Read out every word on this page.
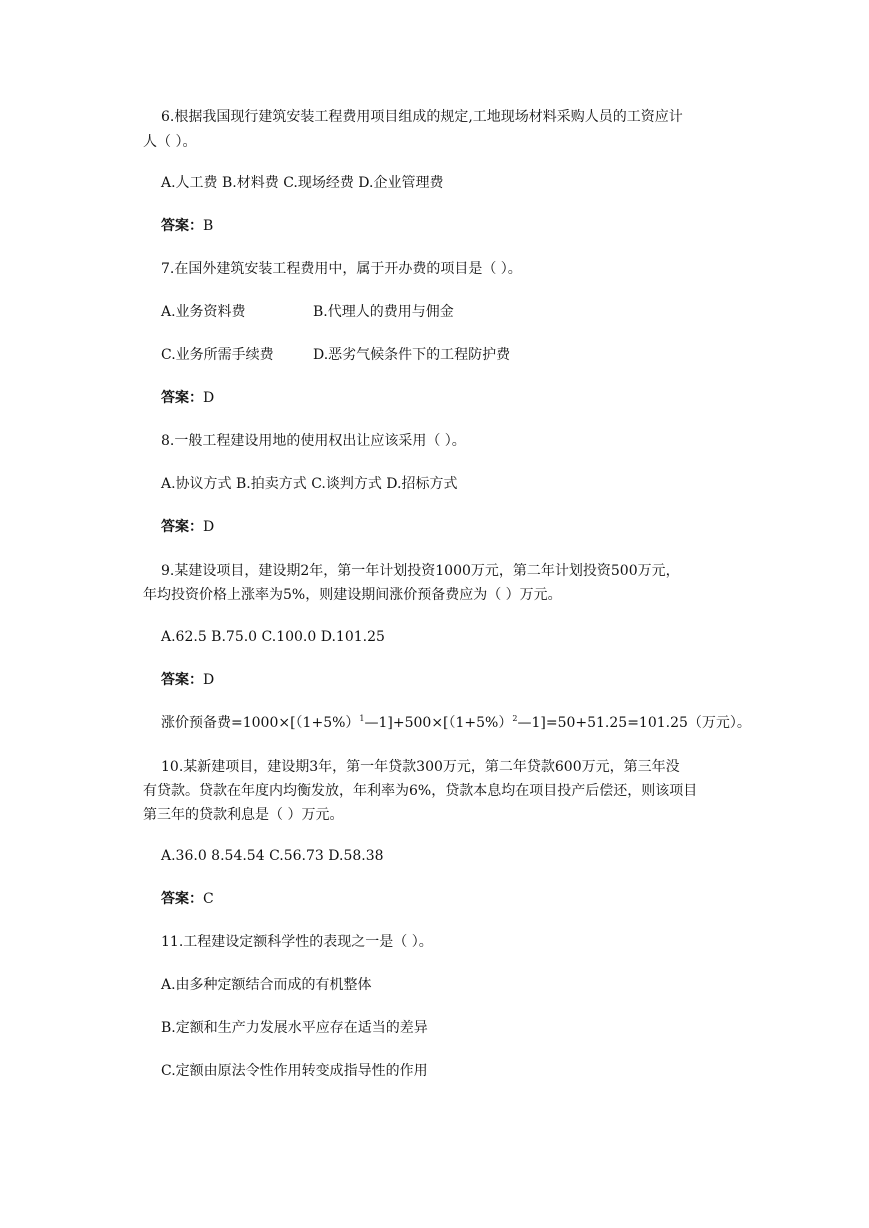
6.根据我国现行建筑安装工程费用项目组成的规定,工地现场材料采购人员的工资应计
人（ ）。
A.人工费 B.材料费 C.现场经费 D.企业管理费
答案：B
7.在国外建筑安装工程费用中，属于开办费的项目是（ ）。
A.业务资料费	B.代理人的费用与佣金
C.业务所需手续费	D.恶劣气候条件下的工程防护费
答案：D
8.一般工程建设用地的使用权出让应该采用（ ）。
A.协议方式 B.拍卖方式 C.谈判方式 D.招标方式
答案：D
9.某建设项目，建设期2年，第一年计划投资1000万元，第二年计划投资500万元，
年均投资价格上涨率为5%，则建设期间涨价预备费应为（ ）万元。
A.62.5 B.75.0 C.100.0 D.101.25
答案：D
涨价预备费$=1000\times[(1+5\%)^1—1]+500\times[(1+5\%)^2—1]=50+51.25=101.25$（万元）。
10.某新建项目，建设期3年，第一年贷款300万元，第二年贷款600万元，第三年没
有贷款。贷款在年度内均衡发放，年利率为6%，贷款本息均在项目投产后偿还，则该项目
第三年的贷款利息是（ ）万元。
A.36.0 8.54.54 C.56.73 D.58.38
答案：C
11.工程建设定额科学性的表现之一是（ ）。
A.由多种定额结合而成的有机整体
B.定额和生产力发展水平应存在适当的差异
C.定额由原法令性作用转变成指导性的作用
